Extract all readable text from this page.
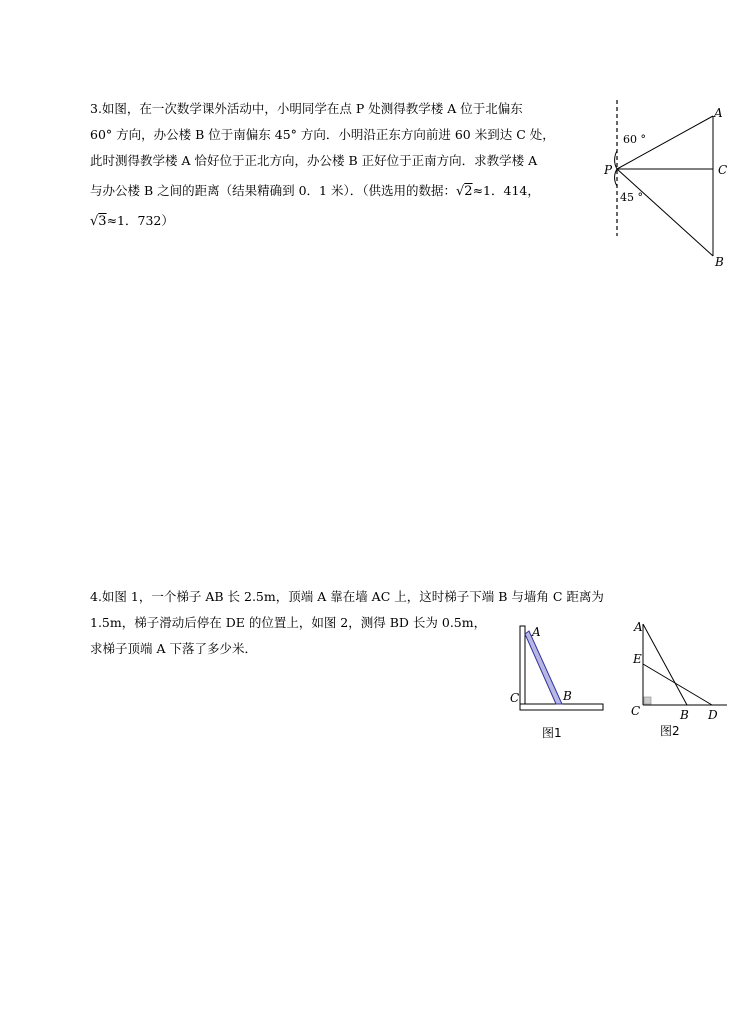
3.如图，在一次数学课外活动中，小明同学在点 P 处测得教学楼 A 位于北偏东
60° 方向，办公楼 B 位于南偏东 45° 方向．小明沿正东方向前进 60 米到达 C 处，
此时测得教学楼 A 恰好位于正北方向，办公楼 B 正好位于正南方向．求教学楼 A
与办公楼 B 之间的距离（结果精确到 0．1 米）．（供选用的数据：√2≈1．414，
√3≈1．732）
A
C
B
P
60 °
45 °
4.如图 1，一个梯子 AB 长 2.5m，顶端 A 靠在墙 AC 上，这时梯子下端 B 与墙角 C 距离为
1.5m，梯子滑动后停在 DE 的位置上，如图 2，测得 BD 长为 0.5m，
求梯子顶端 A 下落了多少米．
A
C	B
图1
A
E
C	B D
图2
